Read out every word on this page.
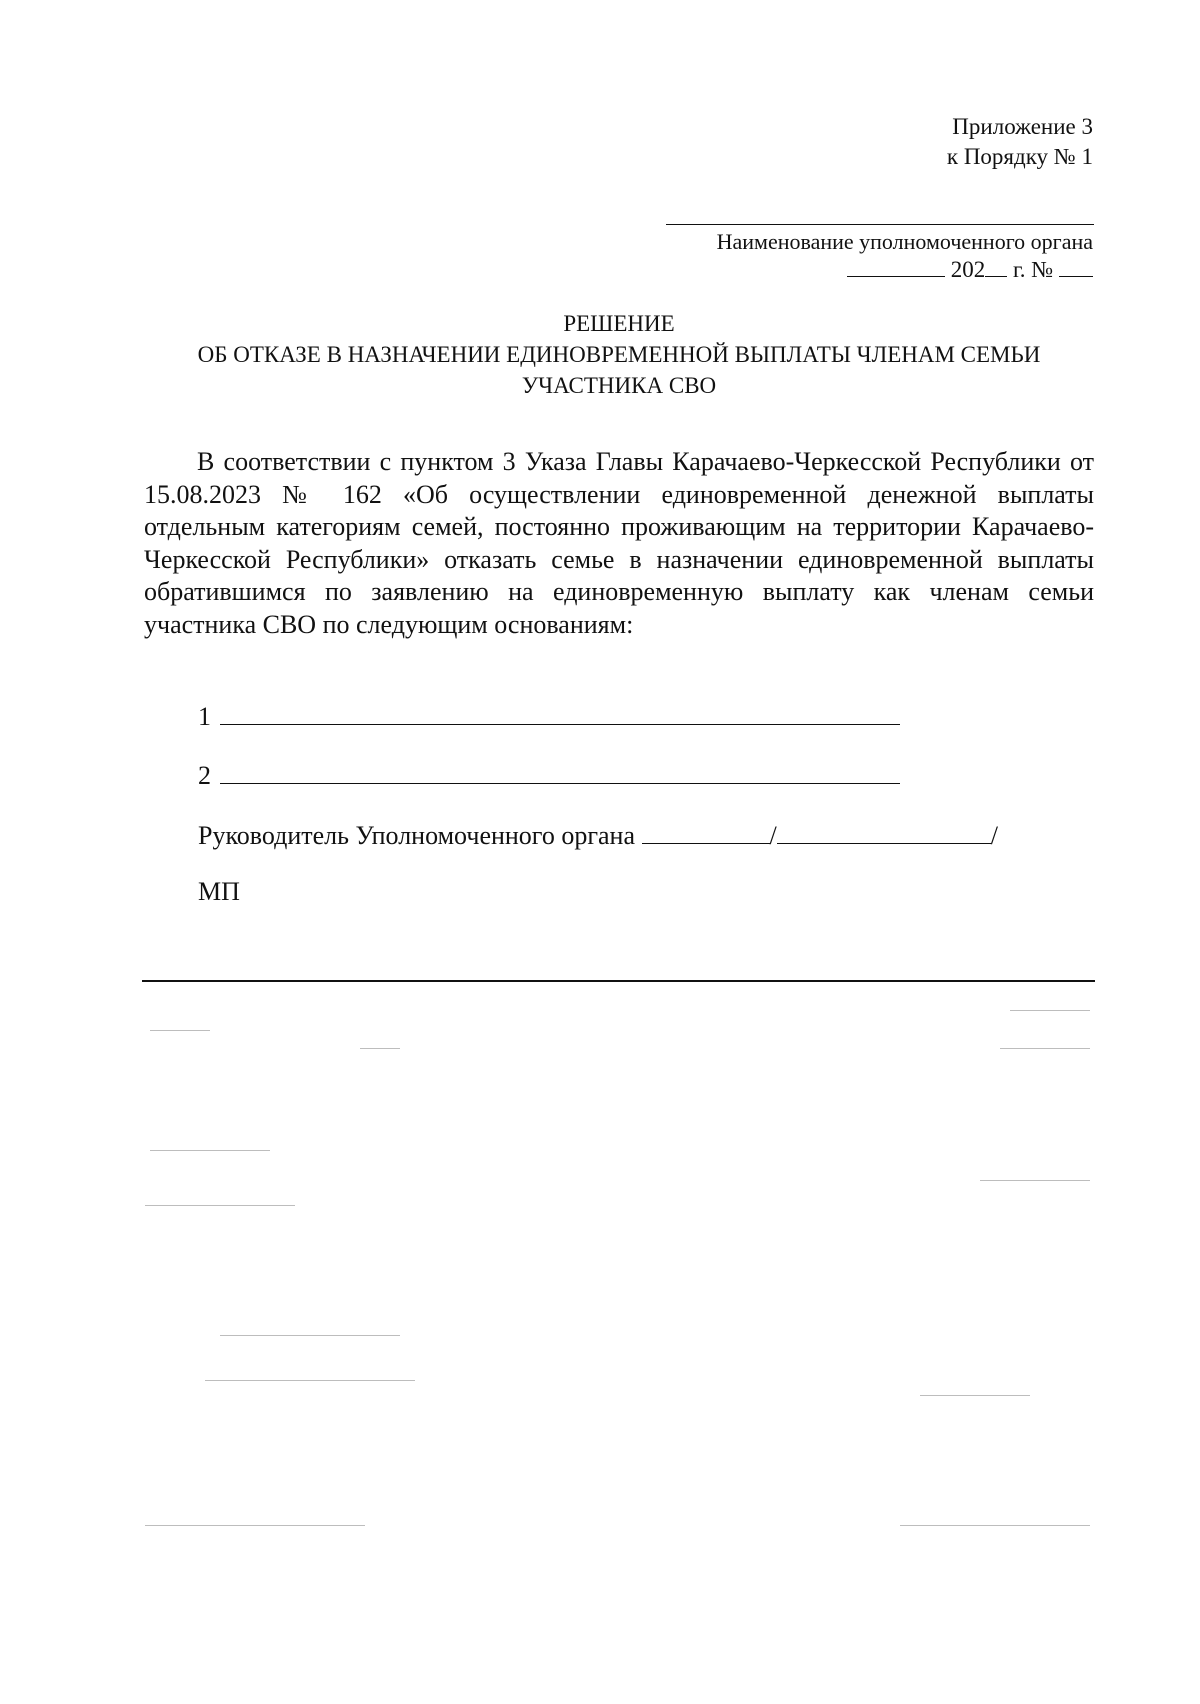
Приложение 3
к Порядку № 1
Наименование уполномоченного органа
202 г. №
РЕШЕНИЕ
ОБ ОТКАЗЕ В НАЗНАЧЕНИИ ЕДИНОВРЕМЕННОЙ ВЫПЛАТЫ ЧЛЕНАМ СЕМЬИ
УЧАСТНИКА СВО

В соответствии с пунктом 3 Указа Главы Карачаево-Черкесской Республики от 15.08.2023 № 162 «Об осуществлении единовременной денежной выплаты отдельным категориям семей, постоянно проживающим на территории Карачаево-Черкесской Республики» отказать семье в назначении единовременной выплаты обратившимся по заявлению на единовременную выплату как членам семьи участника СВО по следующим основаниям:

1
2
Руководитель Уполномоченного органа	/	/
МП
